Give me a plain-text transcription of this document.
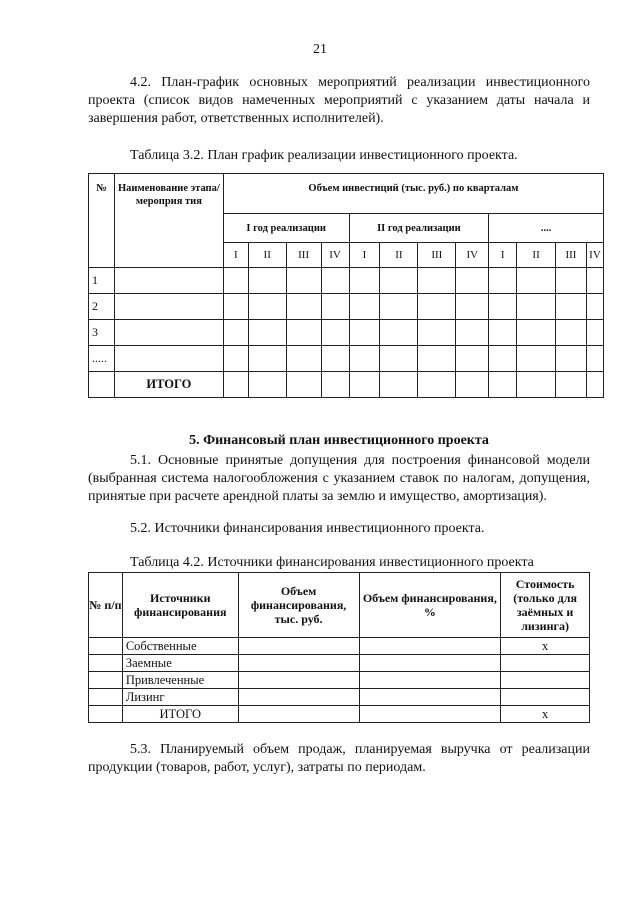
21
4.2. План-график основных мероприятий реализации инвестиционного проекта (список видов намеченных мероприятий с указанием даты начала и завершения работ, ответственных исполнителей).
Таблица 3.2. План график реализации инвестиционного проекта.
№	Наименование этапа/мероприя тия	Объем инвестиций (тыс. руб.) по кварталам											
		I год реализации				II год реализации				....			
		I	II	III	IV	I	II	III	IV	I	II	III	IV
1													
2													
3													
.....													
	ИТОГО												
5. Финансовый план инвестиционного проекта
5.1. Основные принятые допущения для построения финансовой модели (выбранная система налогообложения с указанием ставок по налогам, допущения, принятые при расчете арендной платы за землю и имущество, амортизация).
5.2. Источники финансирования инвестиционного проекта.
Таблица 4.2. Источники финансирования инвестиционного проекта
№ п/п	Источники финансирования	Объем финансирования, тыс. руб.	Объем финансирования, %	Стоимость (только для заёмных и лизинга)
	Собственные			х
	Заемные			
	Привлеченные			
	Лизинг			
	ИТОГО			х
5.3. Планируемый объем продаж, планируемая выручка от реализации продукции (товаров, работ, услуг), затраты по периодам.
